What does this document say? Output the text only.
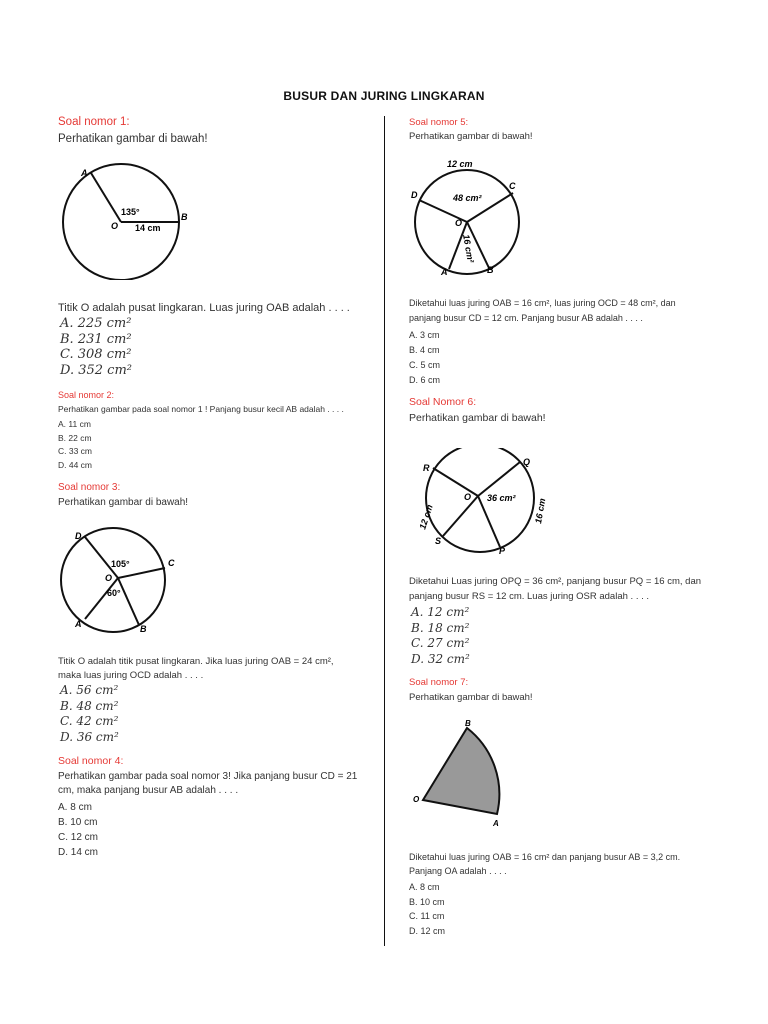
BUSUR DAN JURING LINGKARAN
Soal nomor 1:
Perhatikan gambar di bawah!
A
O
B
135°
14 cm
Titik O adalah pusat lingkaran. Luas juring OAB adalah . . . .
A. 225 cm²
B. 231 cm²
C. 308 cm²
D. 352 cm²
Soal nomor 2:
Perhatikan gambar pada soal nomor 1 ! Panjang busur kecil AB adalah . . . .
A. 11 cm
B. 22 cm
C. 33 cm
D. 44 cm
Soal nomor 3:
Perhatikan gambar di bawah!
D
C
O
A	B
105°
60°
Titik O adalah titik pusat lingkaran. Jika luas juring OAB = 24 cm²,
maka luas juring OCD adalah . . . .
A. 56 cm²
B. 48 cm²
C. 42 cm²
D. 36 cm²
Soal nomor 4:
Perhatikan gambar pada soal nomor 3! Jika panjang busur CD = 21
cm, maka panjang busur AB adalah . . . .
A. 8 cm
B. 10 cm
C. 12 cm
D. 14 cm
Soal nomor 5:
Perhatikan gambar di bawah!
12 cm
D
C
48 cm²
O
16 cm²
A	B
Diketahui luas juring OAB = 16 cm², luas juring OCD = 48 cm², dan
panjang busur CD = 12 cm. Panjang busur AB adalah . . . .
A. 3 cm
B. 4 cm
C. 5 cm
D. 6 cm
Soal Nomor 6:
Perhatikan gambar di bawah!
R
Q
O 36 cm²
12 cm	16 cm
S
P
Diketahui Luas juring OPQ = 36 cm², panjang busur PQ = 16 cm, dan
panjang busur RS = 12 cm. Luas juring OSR adalah . . . .
A. 12 cm²
B. 18 cm²
C. 27 cm²
D. 32 cm²
Soal nomor 7:
Perhatikan gambar di bawah!
B
O
A
Diketahui luas juring OAB = 16 cm² dan panjang busur AB = 3,2 cm.
Panjang OA adalah . . . .
A. 8 cm
B. 10 cm
C. 11 cm
D. 12 cm
